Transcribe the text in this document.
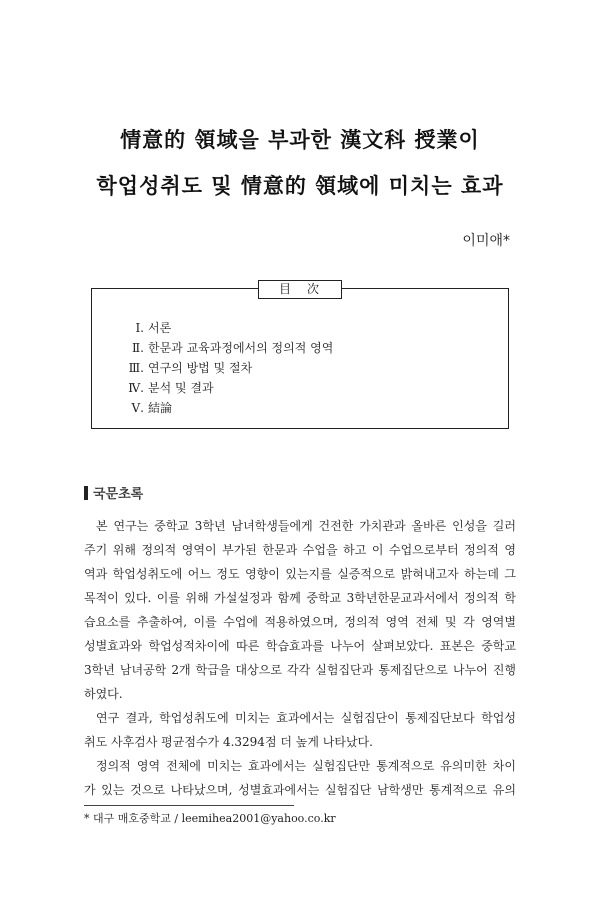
情意的 領域을 부과한 漢文科 授業이
학업성취도 및 情意的 領域에 미치는 효과
이미애*
目　次
Ⅰ. 서론
Ⅱ. 한문과 교육과정에서의 정의적 영역
Ⅲ. 연구의 방법 및 절차
Ⅳ. 분석 및 결과
Ⅴ. 結論
국문초록
본 연구는 중학교 3학년 남녀학생들에게 건전한 가치관과 올바른 인성을 길러
주기 위해 정의적 영역이 부가된 한문과 수업을 하고 이 수업으로부터 정의적 영
역과 학업성취도에 어느 정도 영향이 있는지를 실증적으로 밝혀내고자 하는데 그
목적이 있다. 이를 위해 가설설정과 함께 중학교 3학년한문교과서에서 정의적 학
습요소를 추출하여, 이를 수업에 적용하였으며, 정의적 영역 전체 및 각 영역별
성별효과와 학업성적차이에 따른 학습효과를 나누어 살펴보았다. 표본은 중학교
3학년 남녀공학 2개 학급을 대상으로 각각 실험집단과 통제집단으로 나누어 진행
하였다.
연구 결과, 학업성취도에 미치는 효과에서는 실험집단이 통제집단보다 학업성
취도 사후검사 평균점수가 4.3294점 더 높게 나타났다.
정의적 영역 전체에 미치는 효과에서는 실험집단만 통계적으로 유의미한 차이
가 있는 것으로 나타났으며, 성별효과에서는 실험집단 남학생만 통계적으로 유의
* 대구 매호중학교 / leemihea2001@yahoo.co.kr
